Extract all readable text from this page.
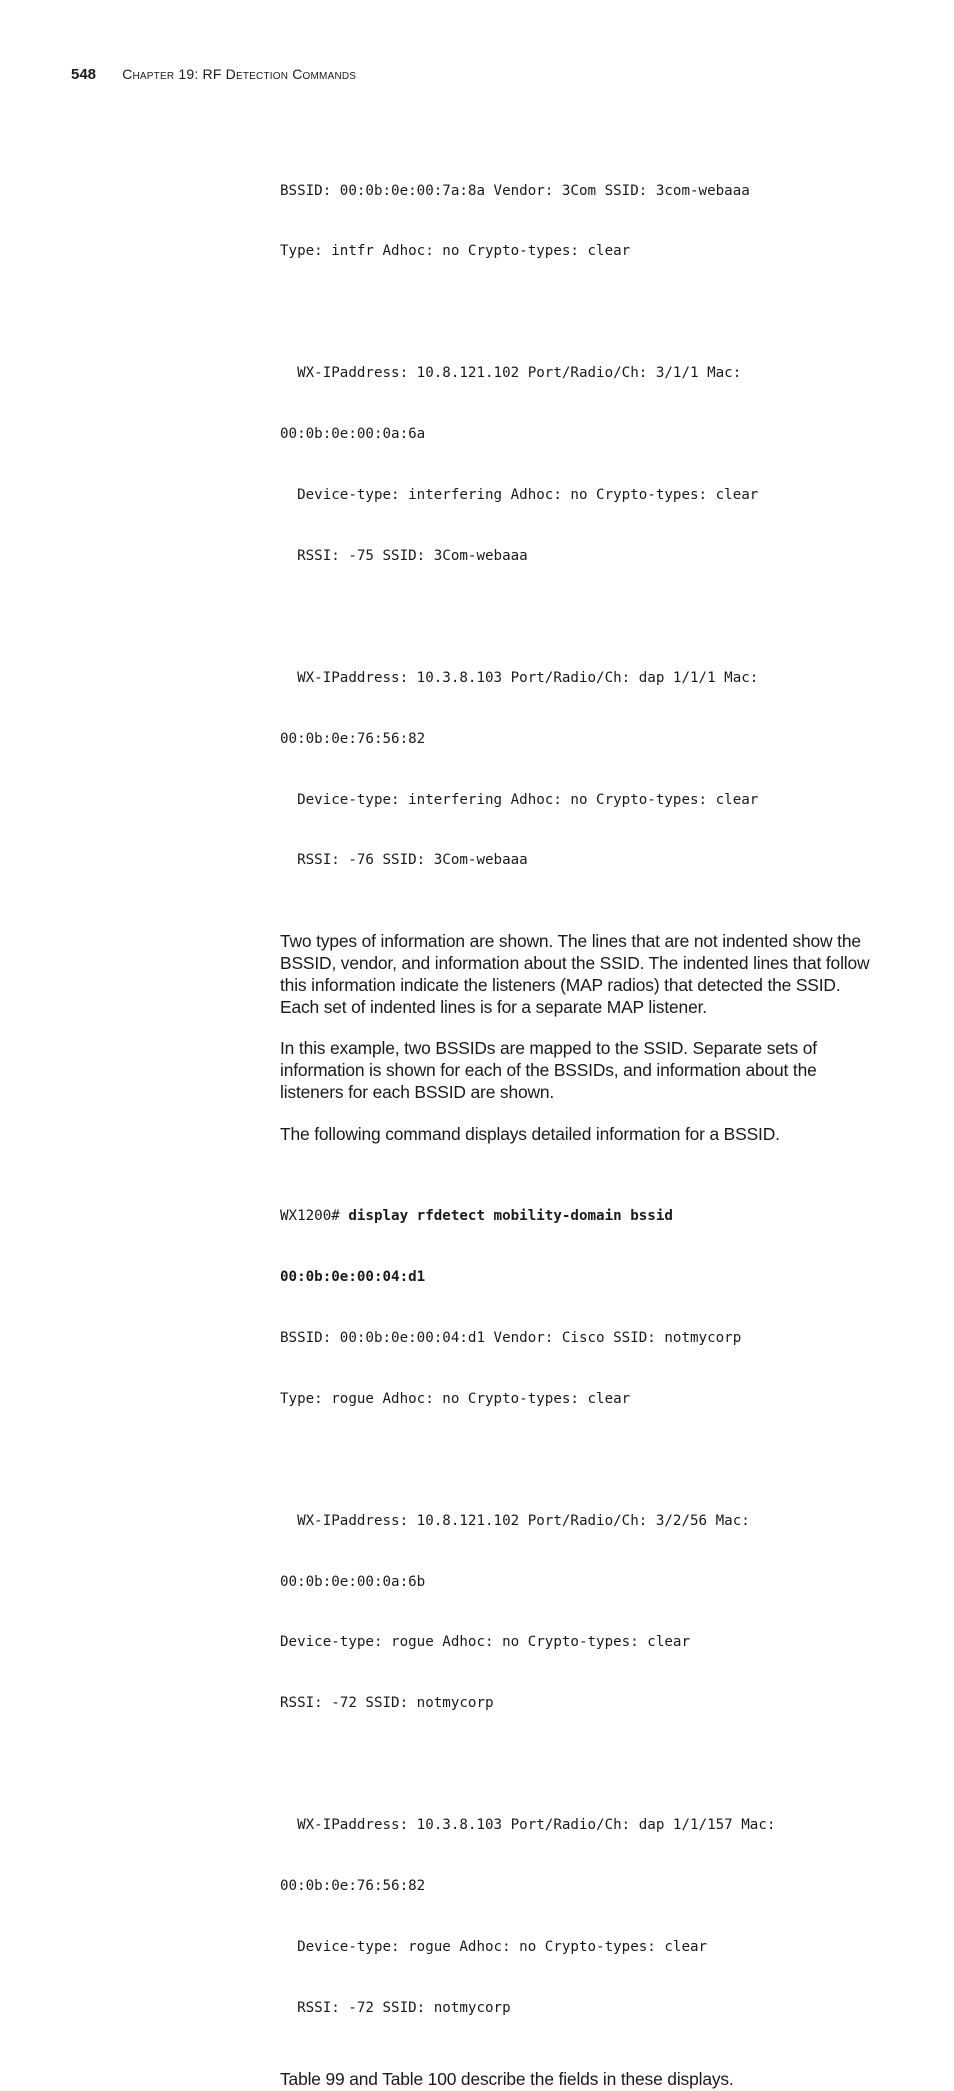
548 Chapter 19: RF Detection Commands

BSSID: 00:0b:0e:00:7a:8a Vendor: 3Com SSID: 3com-webaaa

Type: intfr Adhoc: no Crypto-types: clear

WX-IPaddress: 10.8.121.102 Port/Radio/Ch: 3/1/1 Mac:

00:0b:0e:00:0a:6a

Device-type: interfering Adhoc: no Crypto-types: clear

RSSI: -75 SSID: 3Com-webaaa

WX-IPaddress: 10.3.8.103 Port/Radio/Ch: dap 1/1/1 Mac:

00:0b:0e:76:56:82

Device-type: interfering Adhoc: no Crypto-types: clear

RSSI: -76 SSID: 3Com-webaaa

Two types of information are shown. The lines that are not indented show the BSSID, vendor, and information about the SSID. The indented lines that follow this information indicate the listeners (MAP radios) that detected the SSID. Each set of indented lines is for a separate MAP listener.

In this example, two BSSIDs are mapped to the SSID. Separate sets of information is shown for each of the BSSIDs, and information about the listeners for each BSSID are shown.

The following command displays detailed information for a BSSID.

WX1200# display rfdetect mobility-domain bssid

00:0b:0e:00:04:d1

BSSID: 00:0b:0e:00:04:d1 Vendor: Cisco SSID: notmycorp

Type: rogue Adhoc: no Crypto-types: clear

WX-IPaddress: 10.8.121.102 Port/Radio/Ch: 3/2/56 Mac:

00:0b:0e:00:0a:6b

Device-type: rogue Adhoc: no Crypto-types: clear

RSSI: -72 SSID: notmycorp

WX-IPaddress: 10.3.8.103 Port/Radio/Ch: dap 1/1/157 Mac:

00:0b:0e:76:56:82

Device-type: rogue Adhoc: no Crypto-types: clear

RSSI: -72 SSID: notmycorp

Table 99 and Table 100 describe the fields in these displays.
